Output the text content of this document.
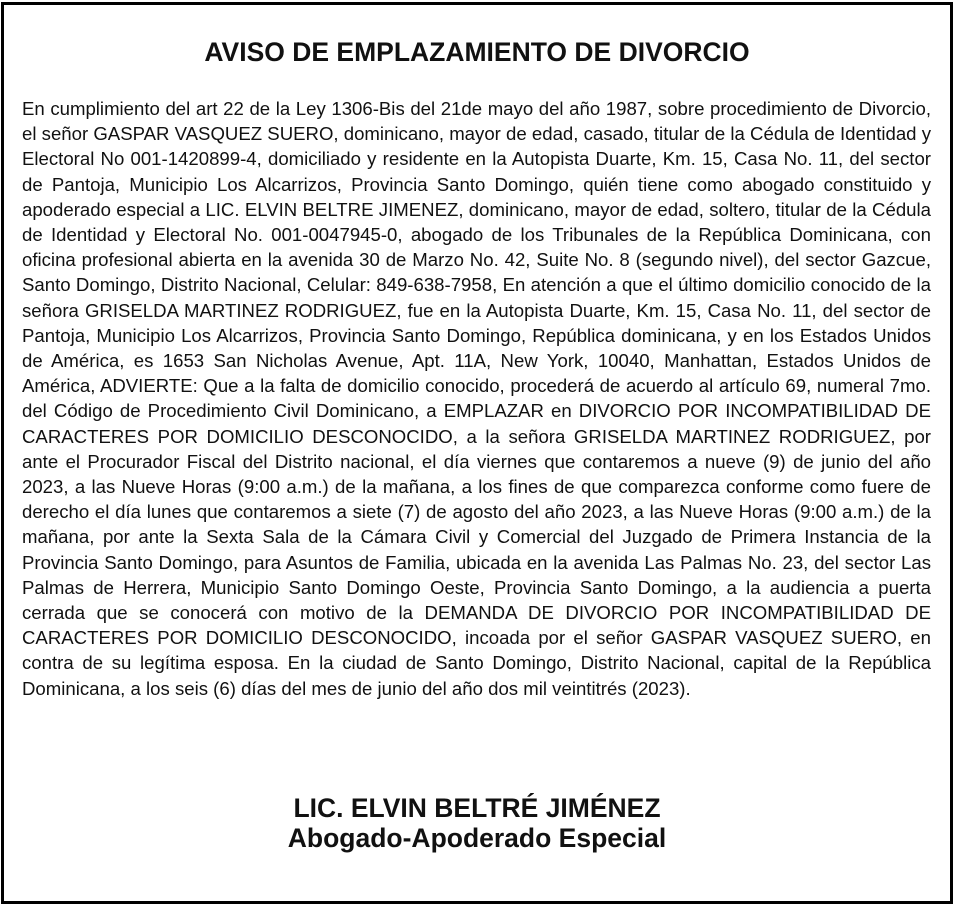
AVISO DE EMPLAZAMIENTO DE DIVORCIO

En cumplimiento del art 22 de la Ley 1306-Bis del 21de mayo del año 1987, sobre procedimiento de Divorcio, el señor GASPAR VASQUEZ SUERO, dominicano, mayor de edad, casado, titular de la Cédula de Identidad y Electoral No 001-1420899-4, domiciliado y residente en la Autopista Duarte, Km. 15, Casa No. 11, del sector de Pantoja, Municipio Los Alcarrizos, Provincia Santo Domingo, quién tiene como abogado constituido y apoderado especial a LIC. ELVIN BELTRE JIMENEZ, dominicano, mayor de edad, soltero, titular de la Cédula de Identidad y Electoral No. 001-0047945-0, abogado de los Tribunales de la República Dominicana, con oficina profesional abierta en la avenida 30 de Marzo No. 42, Suite No. 8 (segundo nivel), del sector Gazcue, Santo Domingo, Distrito Nacional, Celular: 849-638-7958, En atención a que el último domicilio conocido de la señora GRISELDA MARTINEZ RODRIGUEZ, fue en la Autopista Duarte, Km. 15, Casa No. 11, del sector de Pantoja, Municipio Los Alcarrizos, Provincia Santo Domingo, República dominicana, y en los Estados Unidos de América, es 1653 San Nicholas Avenue, Apt. 11A, New York, 10040, Manhattan, Estados Unidos de América, ADVIERTE: Que a la falta de domicilio conocido, procederá de acuerdo al artículo 69, numeral 7mo. del Código de Procedimiento Civil Dominicano, a EMPLAZAR en DIVORCIO POR INCOMPATIBILIDAD DE CARACTERES POR DOMICILIO DESCONOCIDO, a la señora GRISELDA MARTINEZ RODRIGUEZ, por ante el Procurador Fiscal del Distrito nacional, el día viernes que contaremos a nueve (9) de junio del año 2023, a las Nueve Horas (9:00 a.m.) de la mañana, a los fines de que comparezca conforme como fuere de derecho el día lunes que contaremos a siete (7) de agosto del año 2023, a las Nueve Horas (9:00 a.m.) de la mañana, por ante la Sexta Sala de la Cámara Civil y Comercial del Juzgado de Primera Instancia de la Provincia Santo Domingo, para Asuntos de Familia, ubicada en la avenida Las Palmas No. 23, del sector Las Palmas de Herrera, Municipio Santo Domingo Oeste, Provincia Santo Domingo, a la audiencia a puerta cerrada que se conocerá con motivo de la DEMANDA DE DIVORCIO POR INCOMPATIBILIDAD DE CARACTERES POR DOMICILIO DESCONOCIDO, incoada por el señor GASPAR VASQUEZ SUERO, en contra de su legítima esposa. En la ciudad de Santo Domingo, Distrito Nacional, capital de la República Dominicana, a los seis (6) días del mes de junio del año dos mil veintitrés (2023).

LIC. ELVIN BELTRÉ JIMÉNEZ
Abogado-Apoderado Especial
